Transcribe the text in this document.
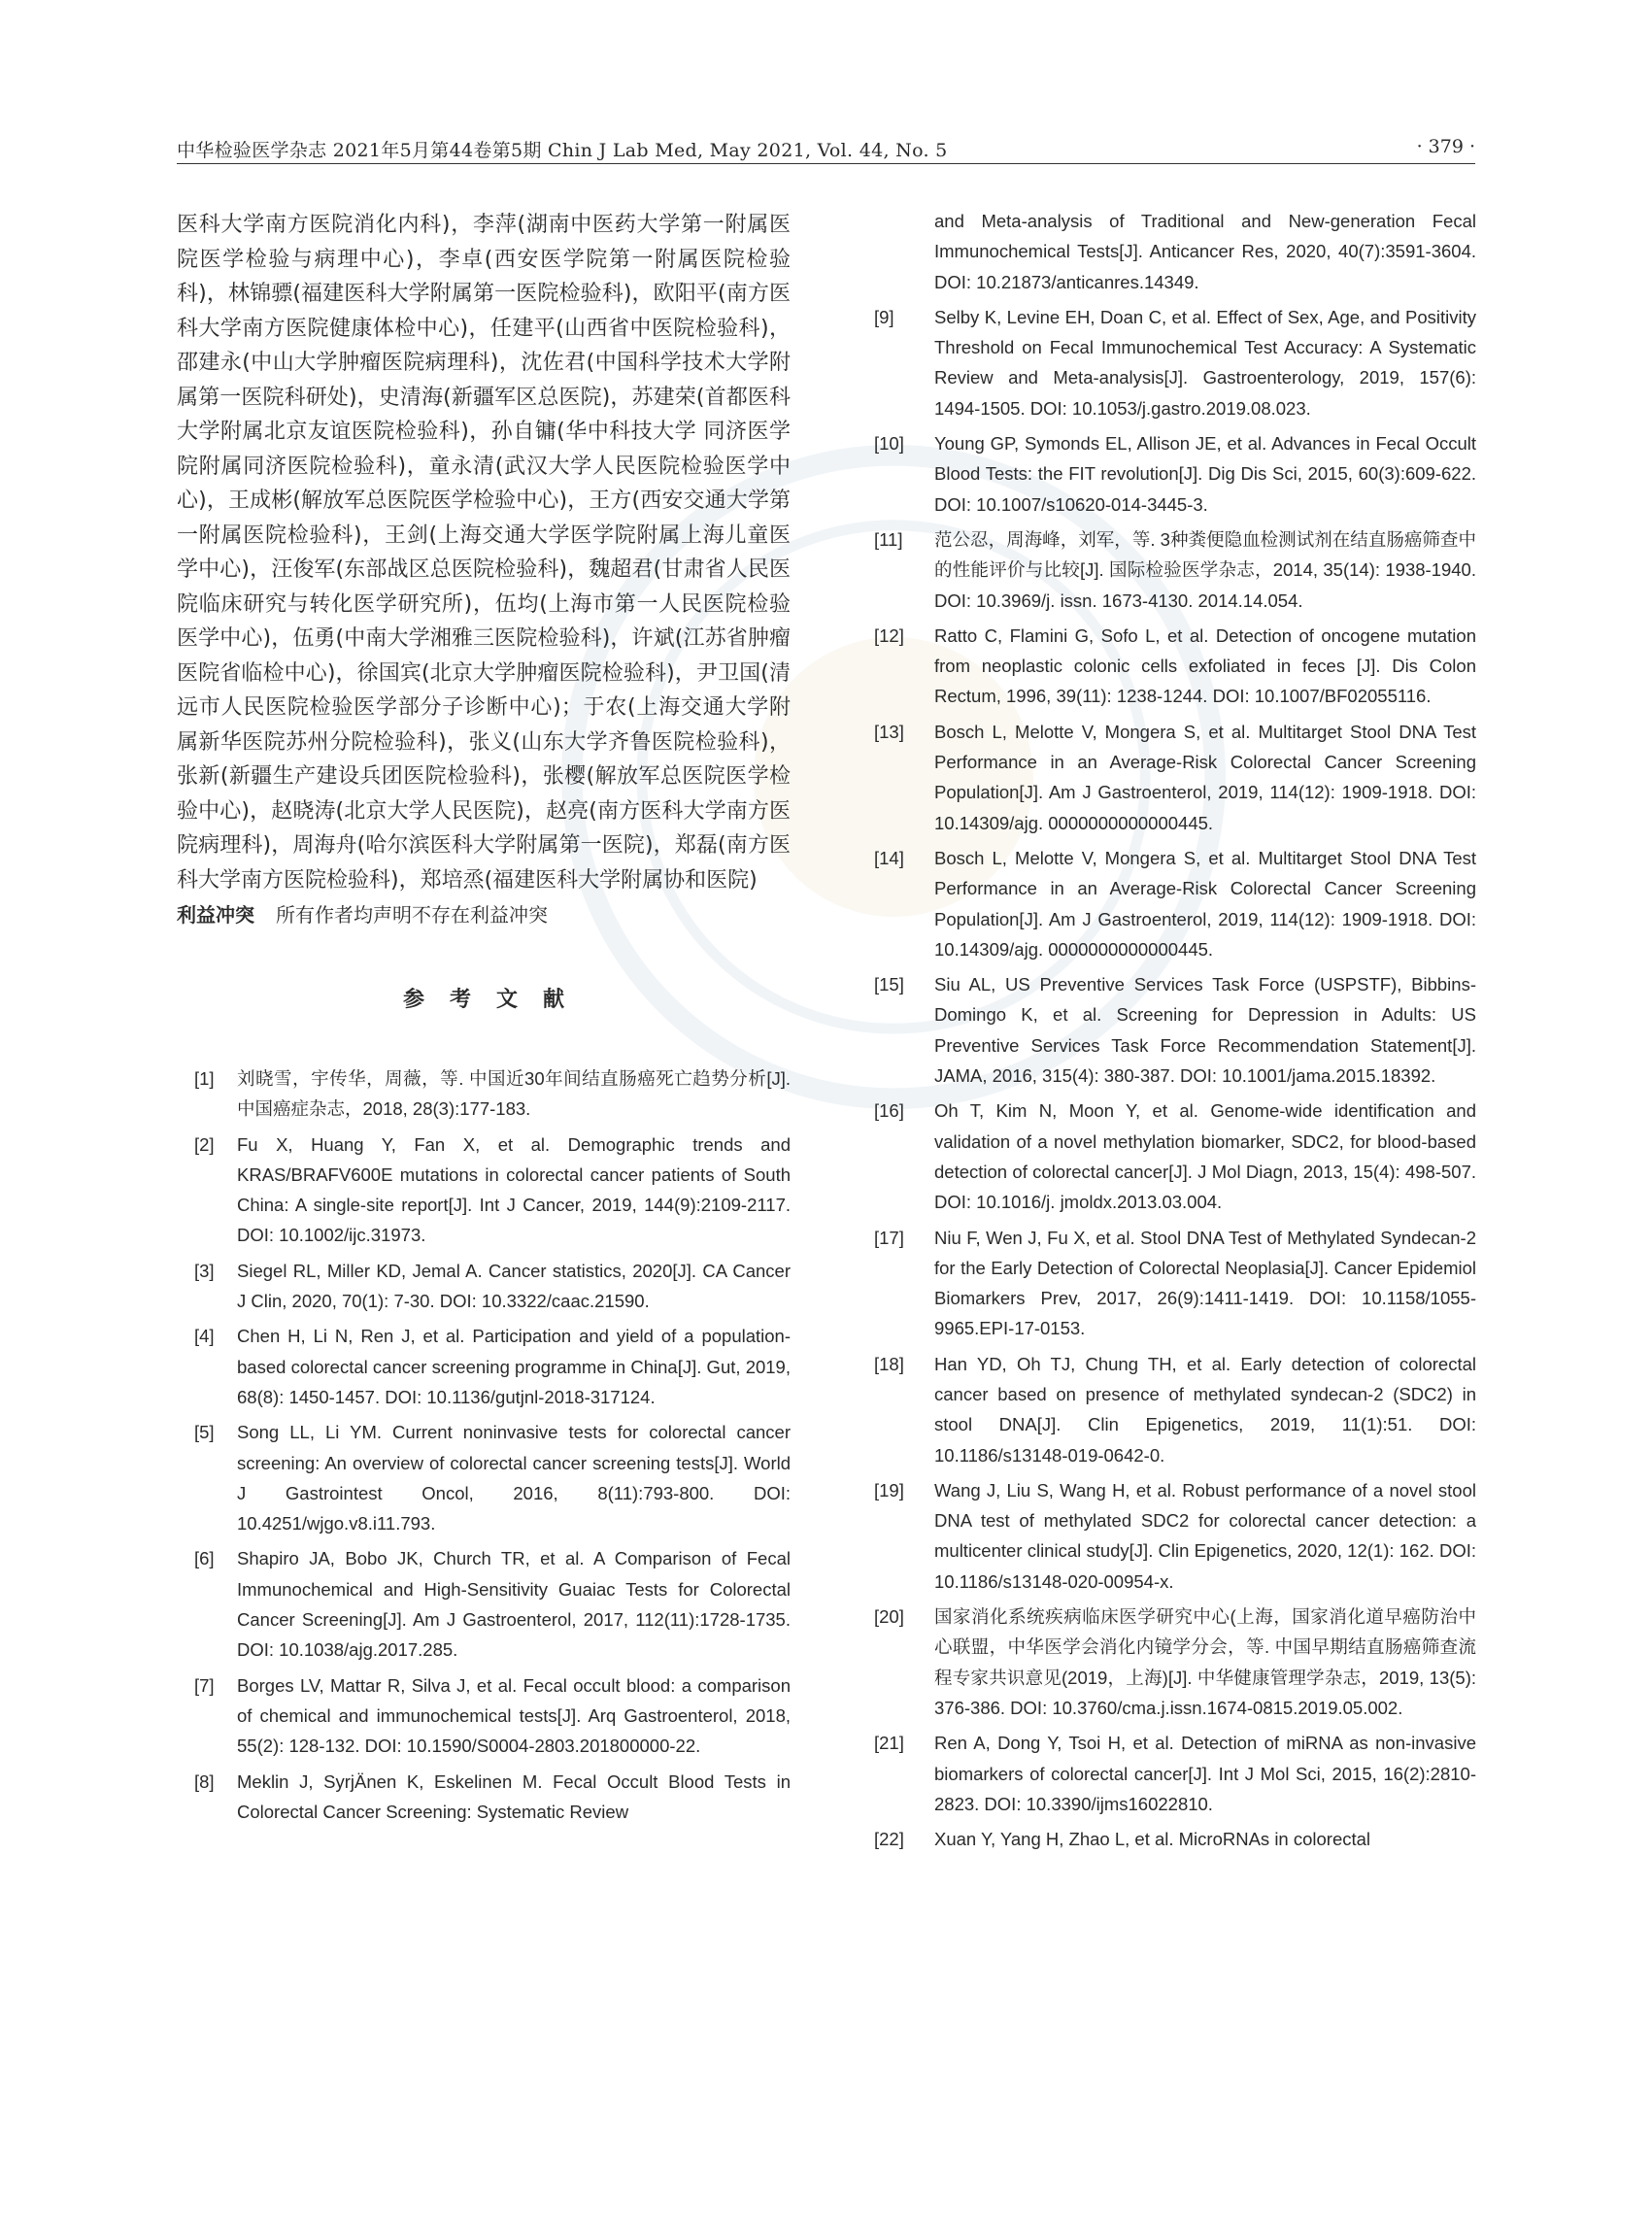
中华检验医学杂志 2021年5月第44卷第5期 Chin J Lab Med, May 2021, Vol. 44, No. 5	· 379 ·

医科大学南方医院消化内科)，李萍(湖南中医药大学第一附属医院医学检验与病理中心)，李卓(西安医学院第一附属医院检验科)，林锦骠(福建医科大学附属第一医院检验科)，欧阳平(南方医科大学南方医院健康体检中心)，任建平(山西省中医院检验科)，邵建永(中山大学肿瘤医院病理科)，沈佐君(中国科学技术大学附属第一医院科研处)，史清海(新疆军区总医院)，苏建荣(首都医科大学附属北京友谊医院检验科)，孙自镛(华中科技大学 同济医学院附属同济医院检验科)，童永清(武汉大学人民医院检验医学中心)，王成彬(解放军总医院医学检验中心)，王方(西安交通大学第一附属医院检验科)，王剑(上海交通大学医学院附属上海儿童医学中心)，汪俊军(东部战区总医院检验科)，魏超君(甘肃省人民医院临床研究与转化医学研究所)，伍均(上海市第一人民医院检验医学中心)，伍勇(中南大学湘雅三医院检验科)，许斌(江苏省肿瘤医院省临检中心)，徐国宾(北京大学肿瘤医院检验科)，尹卫国(清远市人民医院检验医学部分子诊断中心)；于农(上海交通大学附属新华医院苏州分院检验科)，张义(山东大学齐鲁医院检验科)，张新(新疆生产建设兵团医院检验科)，张樱(解放军总医院医学检验中心)，赵晓涛(北京大学人民医院)，赵亮(南方医科大学南方医院病理科)，周海舟(哈尔滨医科大学附属第一医院)，郑磊(南方医科大学南方医院检验科)，郑培烝(福建医科大学附属协和医院)

利益冲突 所有作者均声明不存在利益冲突
参考文献
[1]	刘晓雪，宇传华，周薇，等. 中国近30年间结直肠癌死亡趋势分析[J]. 中国癌症杂志，2018, 28(3):177-183.
[2]	Fu X, Huang Y, Fan X, et al. Demographic trends and KRAS/BRAFV600E mutations in colorectal cancer patients of South China: A single-site report[J]. Int J Cancer, 2019, 144(9):2109-2117. DOI: 10.1002/ijc.31973.
[3]	Siegel RL, Miller KD, Jemal A. Cancer statistics, 2020[J]. CA Cancer J Clin, 2020, 70(1): 7-30. DOI: 10.3322/caac.21590.
[4]	Chen H, Li N, Ren J, et al. Participation and yield of a population-based colorectal cancer screening programme in China[J]. Gut, 2019, 68(8): 1450-1457. DOI: 10.1136/gutjnl-2018-317124.
[5]	Song LL, Li YM. Current noninvasive tests for colorectal cancer screening: An overview of colorectal cancer screening tests[J]. World J Gastrointest Oncol, 2016, 8(11):793-800. DOI: 10.4251/wjgo.v8.i11.793.
[6]	Shapiro JA, Bobo JK, Church TR, et al. A Comparison of Fecal Immunochemical and High-Sensitivity Guaiac Tests for Colorectal Cancer Screening[J]. Am J Gastroenterol, 2017, 112(11):1728-1735. DOI: 10.1038/ajg.2017.285.
[7]	Borges LV, Mattar R, Silva J, et al. Fecal occult blood: a comparison of chemical and immunochemical tests[J]. Arq Gastroenterol, 2018, 55(2): 128-132. DOI: 10.1590/S0004-2803.201800000-22.
[8]	Meklin J, SyrjÄnen K, Eskelinen M. Fecal Occult Blood Tests in Colorectal Cancer Screening: Systematic Review
and Meta-analysis of Traditional and New-generation Fecal Immunochemical Tests[J]. Anticancer Res, 2020, 40(7):3591-3604. DOI: 10.21873/anticanres.14349.
[9]	Selby K, Levine EH, Doan C, et al. Effect of Sex, Age, and Positivity Threshold on Fecal Immunochemical Test Accuracy: A Systematic Review and Meta-analysis[J]. Gastroenterology, 2019, 157(6): 1494-1505. DOI: 10.1053/j.gastro.2019.08.023.
[10]	Young GP, Symonds EL, Allison JE, et al. Advances in Fecal Occult Blood Tests: the FIT revolution[J]. Dig Dis Sci, 2015, 60(3):609-622. DOI: 10.1007/s10620-014-3445-3.
[11]	范公忍，周海峰，刘军，等. 3种粪便隐血检测试剂在结直肠癌筛查中的性能评价与比较[J]. 国际检验医学杂志，2014, 35(14): 1938-1940. DOI: 10.3969/j. issn. 1673-4130. 2014.14.054.
[12]	Ratto C, Flamini G, Sofo L, et al. Detection of oncogene mutation from neoplastic colonic cells exfoliated in feces [J]. Dis Colon Rectum, 1996, 39(11): 1238-1244. DOI: 10.1007/BF02055116.
[13]	Bosch L, Melotte V, Mongera S, et al. Multitarget Stool DNA Test Performance in an Average-Risk Colorectal Cancer Screening Population[J]. Am J Gastroenterol, 2019, 114(12): 1909-1918. DOI: 10.14309/ajg. 0000000000000445.
[14]	Bosch L, Melotte V, Mongera S, et al. Multitarget Stool DNA Test Performance in an Average-Risk Colorectal Cancer Screening Population[J]. Am J Gastroenterol, 2019, 114(12): 1909-1918. DOI: 10.14309/ajg. 0000000000000445.
[15]	Siu AL, US Preventive Services Task Force (USPSTF), Bibbins-Domingo K, et al. Screening for Depression in Adults: US Preventive Services Task Force Recommendation Statement[J]. JAMA, 2016, 315(4): 380-387. DOI: 10.1001/jama.2015.18392.
[16]	Oh T, Kim N, Moon Y, et al. Genome-wide identification and validation of a novel methylation biomarker, SDC2, for blood-based detection of colorectal cancer[J]. J Mol Diagn, 2013, 15(4): 498-507. DOI: 10.1016/j. jmoldx.2013.03.004.
[17]	Niu F, Wen J, Fu X, et al. Stool DNA Test of Methylated Syndecan-2 for the Early Detection of Colorectal Neoplasia[J]. Cancer Epidemiol Biomarkers Prev, 2017, 26(9):1411-1419. DOI: 10.1158/1055-9965.EPI-17-0153.
[18]	Han YD, Oh TJ, Chung TH, et al. Early detection of colorectal cancer based on presence of methylated syndecan-2 (SDC2) in stool DNA[J]. Clin Epigenetics, 2019, 11(1):51. DOI: 10.1186/s13148-019-0642-0.
[19]	Wang J, Liu S, Wang H, et al. Robust performance of a novel stool DNA test of methylated SDC2 for colorectal cancer detection: a multicenter clinical study[J]. Clin Epigenetics, 2020, 12(1): 162. DOI: 10.1186/s13148-020-00954-x.
[20]	国家消化系统疾病临床医学研究中心(上海，国家消化道早癌防治中心联盟，中华医学会消化内镜学分会，等. 中国早期结直肠癌筛查流程专家共识意见(2019，上海)[J]. 中华健康管理学杂志，2019, 13(5): 376-386. DOI: 10.3760/cma.j.issn.1674-0815.2019.05.002.
[21]	Ren A, Dong Y, Tsoi H, et al. Detection of miRNA as non-invasive biomarkers of colorectal cancer[J]. Int J Mol Sci, 2015, 16(2):2810-2823. DOI: 10.3390/ijms16022810.
[22]	Xuan Y, Yang H, Zhao L, et al. MicroRNAs in colorectal
